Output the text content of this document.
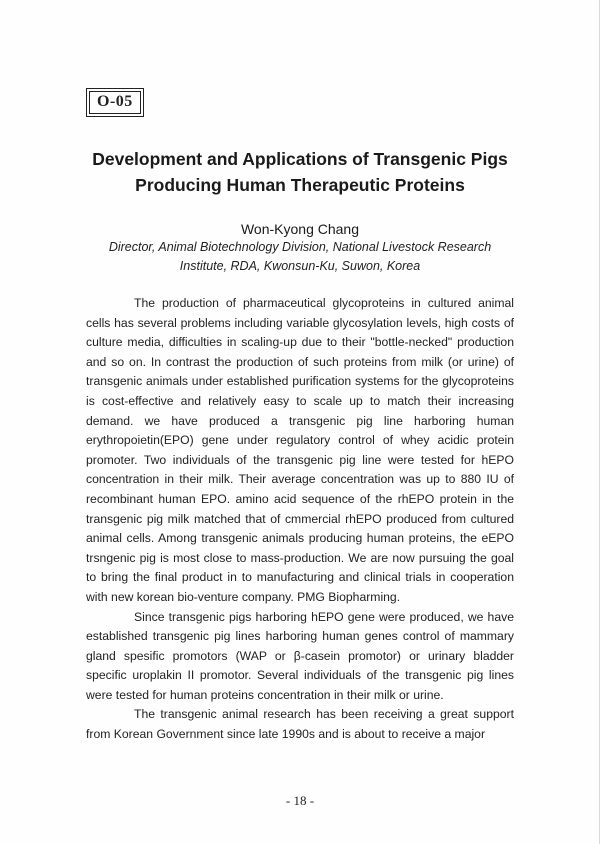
O-05
Development and Applications of Transgenic Pigs
Producing Human Therapeutic Proteins
Won-Kyong Chang
Director, Animal Biotechnology Division, National Livestock Research
Institute, RDA, Kwonsun-Ku, Suwon, Korea

The production of pharmaceutical glycoproteins in cultured animal cells has several problems including variable glycosylation levels, high costs of culture media, difficulties in scaling-up due to their "bottle-necked" production and so on. In contrast the production of such proteins from milk (or urine) of transgenic animals under established purification systems for the glycoproteins is cost-effective and relatively easy to scale up to match their increasing demand. we have produced a transgenic pig line harboring human erythropoietin(EPO) gene under regulatory control of whey acidic protein promoter. Two individuals of the transgenic pig line were tested for hEPO concentration in their milk. Their average concentration was up to 880 IU of recombinant human EPO. amino acid sequence of the rhEPO protein in the transgenic pig milk matched that of cmmercial rhEPO produced from cultured animal cells. Among transgenic animals producing human proteins, the eEPO trsngenic pig is most close to mass-production. We are now pursuing the goal to bring the final product in to manufacturing and clinical trials in cooperation with new korean bio-venture company. PMG Biopharming.

Since transgenic pigs harboring hEPO gene were produced, we have established transgenic pig lines harboring human genes control of mammary gland spesific promotors (WAP or β-casein promotor) or urinary bladder specific uroplakin II promotor. Several individuals of the transgenic pig lines were tested for human proteins concentration in their milk or urine.

The transgenic animal research has been receiving a great support from Korean Government since late 1990s and is about to receive a major

- 18 -
